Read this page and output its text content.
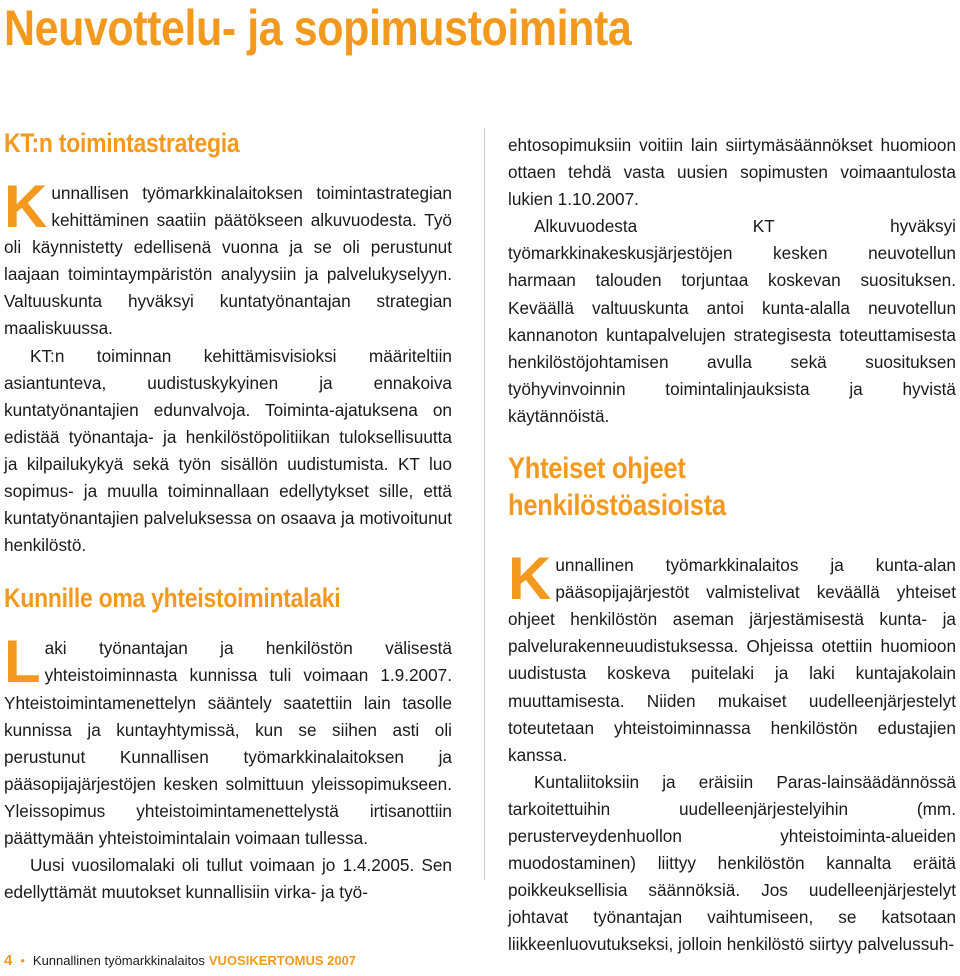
Neuvottelu- ja sopimustoiminta
KT:n toimintastrategia

Kunnallisen työmarkkinalaitoksen toimintastrategian kehittäminen saatiin päätökseen alkuvuodesta. Työ oli käynnistetty edellisenä vuonna ja se oli perustunut laajaan toimintaympäristön analyysiin ja palvelukyselyyn. Valtuuskunta hyväksyi kuntatyönantajan strategian maaliskuussa.

KT:n toiminnan kehittämisvisioksi määriteltiin asiantunteva, uudistuskykyinen ja ennakoiva kuntatyönantajien edunvalvoja. Toiminta-ajatuksena on edistää työnantaja- ja henkilöstöpolitiikan tuloksellisuutta ja kilpailukykyä sekä työn sisällön uudistumista. KT luo sopimus- ja muulla toiminnallaan edellytykset sille, että kuntatyönantajien palveluksessa on osaava ja motivoitunut henkilöstö.

Kunnille oma yhteistoimintalaki

Laki työnantajan ja henkilöstön välisestä yhteistoiminnasta kunnissa tuli voimaan 1.9.2007. Yhteistoimintamenettelyn sääntely saatettiin lain tasolle kunnissa ja kuntayhtymissä, kun se siihen asti oli perustunut Kunnallisen työmarkkinalaitoksen ja pääsopijajärjestöjen kesken solmittuun yleissopimukseen. Yleissopimus yhteistoimintamenettelystä irtisanottiin päättymään yhteistoimintalain voimaan tullessa.

Uusi vuosilomalaki oli tullut voimaan jo 1.4.2005. Sen edellyttämät muutokset kunnallisiin virka- ja työ-

ehtosopimuksiin voitiin lain siirtymäsäännökset huomioon ottaen tehdä vasta uusien sopimusten voimaantulosta lukien 1.10.2007.

Alkuvuodesta KT hyväksyi työmarkkinakeskusjärjestöjen kesken neuvotellun harmaan talouden torjuntaa koskevan suosituksen. Keväällä valtuuskunta antoi kunta-alalla neuvotellun kannanoton kuntapalvelujen strategisesta toteuttamisesta henkilöstöjohtamisen avulla sekä suosituksen työhyvinvoinnin toimintalinjauksista ja hyvistä käytännöistä.

Yhteiset ohjeet
henkilöstöasioista

Kunnallinen työmarkkinalaitos ja kunta-alan pääsopijajärjestöt valmistelivat keväällä yhteiset ohjeet henkilöstön aseman järjestämisestä kunta- ja palvelurakenneuudistuksessa. Ohjeissa otettiin huomioon uudistusta koskeva puitelaki ja laki kuntajakolain muuttamisesta. Niiden mukaiset uudelleenjärjestelyt toteutetaan yhteistoiminnassa henkilöstön edustajien kanssa.

Kuntaliitoksiin ja eräisiin Paras-lainsäädännössä tarkoitettuihin uudelleenjärjestelyihin (mm. perusterveydenhuollon yhteistoiminta-alueiden muodostaminen) liittyy henkilöstön kannalta eräitä poikkeuksellisia säännöksiä. Jos uudelleenjärjestelyt johtavat työnantajan vaihtumiseen, se katsotaan liikkeenluovutukseksi, jolloin henkilöstö siirtyy palvelussuh-

4 • Kunnallinen työmarkkinalaitos VUOSIKERTOMUS 2007
